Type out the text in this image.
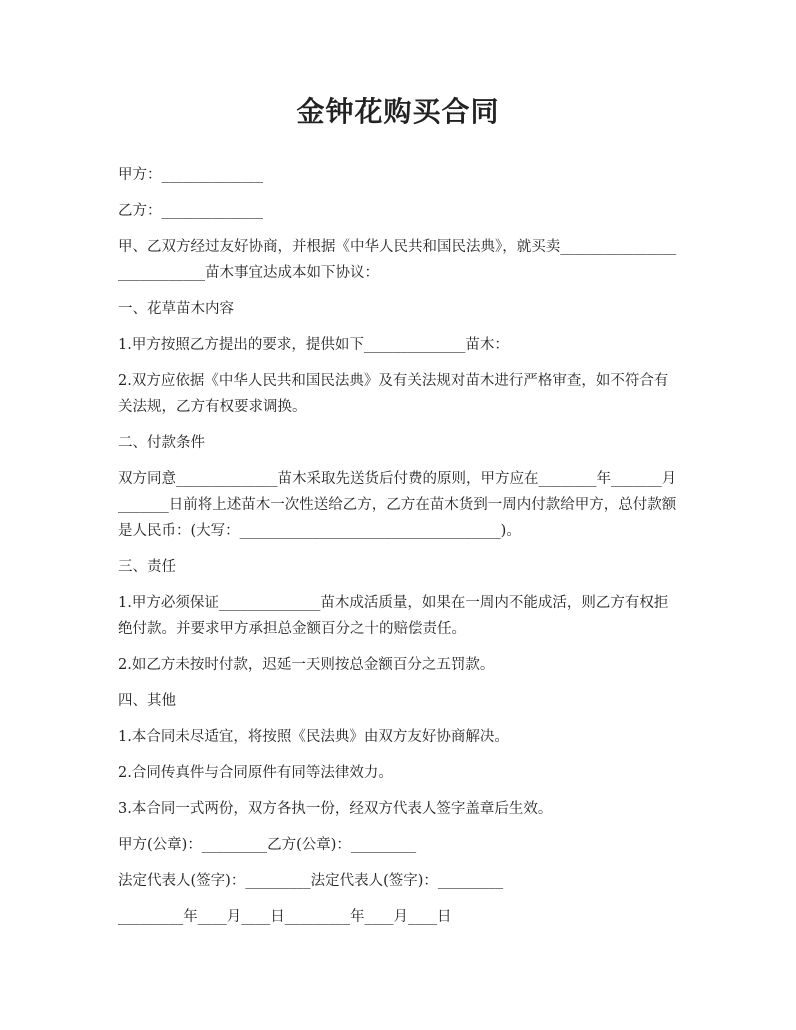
金钟花购买合同

甲方：______________

乙方：______________

甲、乙双方经过友好协商，并根据《中华人民共和国民法典》，就买卖____________________________苗木事宜达成本如下协议：

一、花草苗木内容

1.甲方按照乙方提出的要求，提供如下______________苗木：

2.双方应依据《中华人民共和国民法典》及有关法规对苗木进行严格审查，如不符合有关法规，乙方有权要求调换。

二、付款条件

双方同意______________苗木采取先送货后付费的原则，甲方应在________年_______月_______日前将上述苗木一次性送给乙方，乙方在苗木货到一周内付款给甲方，总付款额是人民币：(大写：____________________________________)。

三、责任

1.甲方必须保证______________苗木成活质量，如果在一周内不能成活，则乙方有权拒绝付款。并要求甲方承担总金额百分之十的赔偿责任。

2.如乙方未按时付款，迟延一天则按总金额百分之五罚款。

四、其他

1.本合同未尽适宜，将按照《民法典》由双方友好协商解决。

2.合同传真件与合同原件有同等法律效力。

3.本合同一式两份，双方各执一份，经双方代表人签字盖章后生效。

甲方(公章)：_________乙方(公章)：_________

法定代表人(签字)：_________法定代表人(签字)：_________

_________年____月____日_________年____月____日
